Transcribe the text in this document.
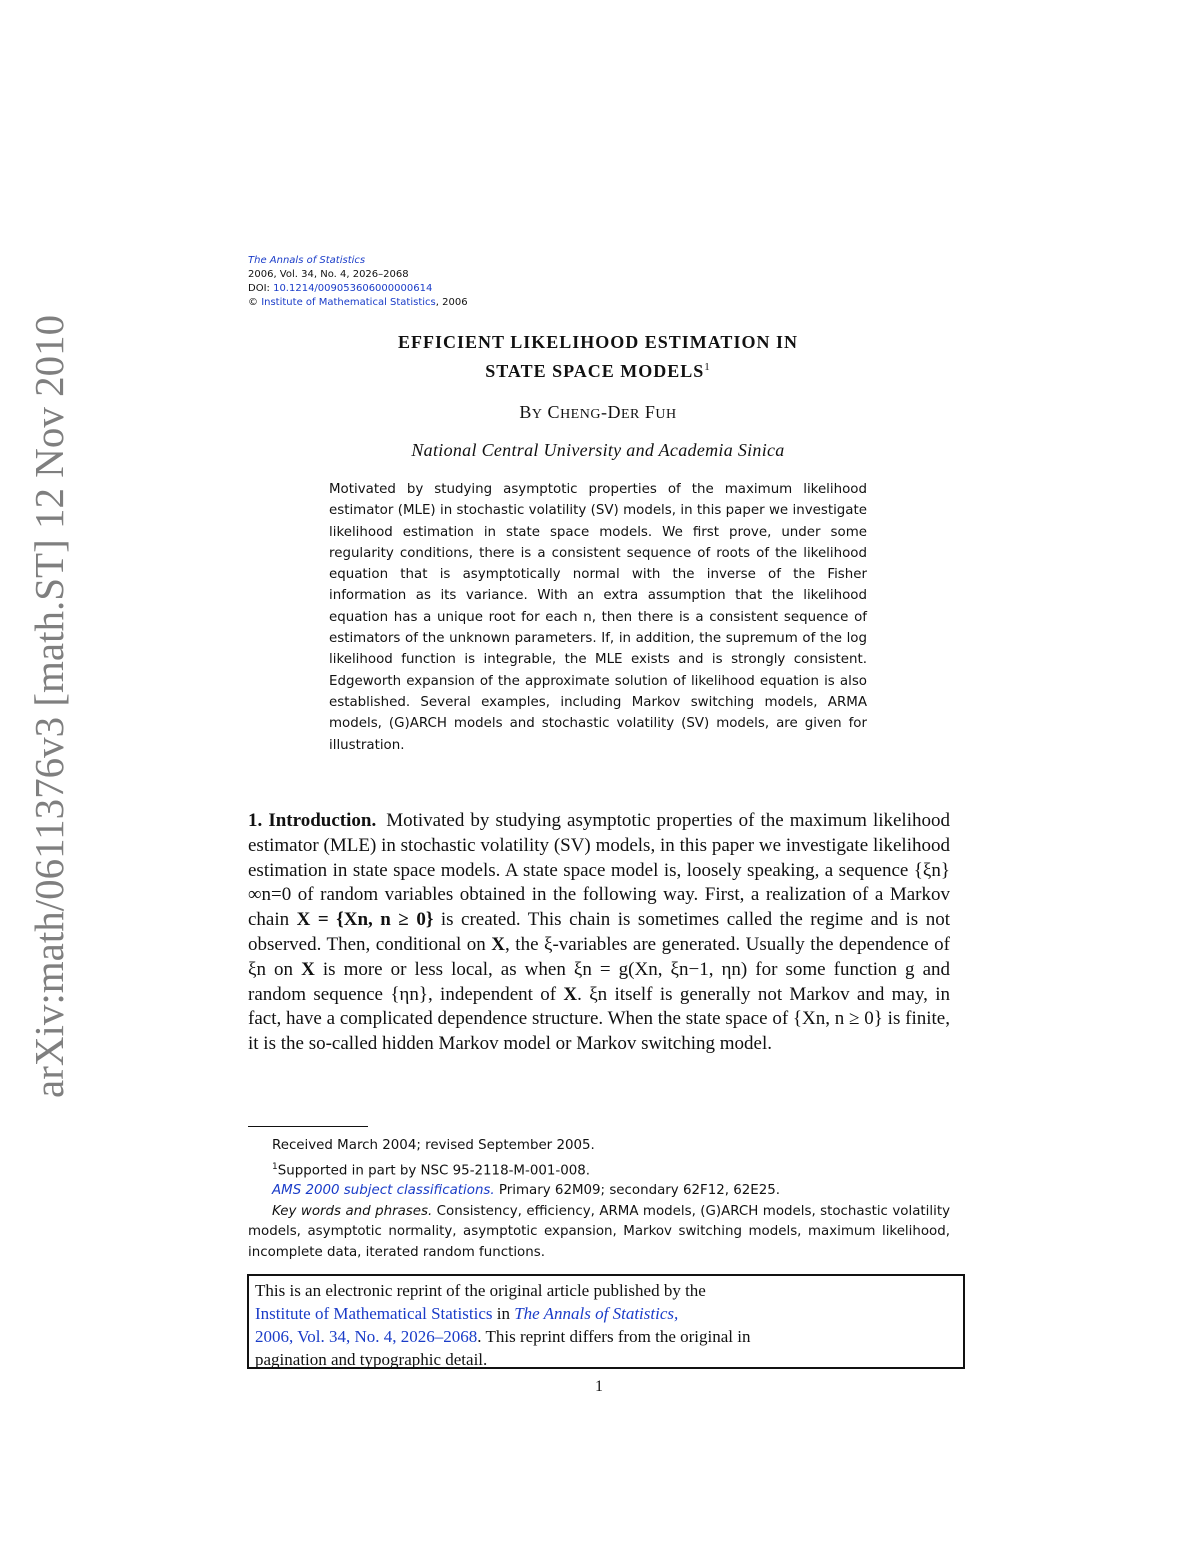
arXiv:math/0611376v3 [math.ST] 12 Nov 2010
The Annals of Statistics
2006, Vol. 34, No. 4, 2026–2068
DOI: 10.1214/009053606000000614
© Institute of Mathematical Statistics, 2006
EFFICIENT LIKELIHOOD ESTIMATION IN
STATE SPACE MODELS$^1$
BY CHENG-DER FUH
National Central University and Academia Sinica
Motivated by studying asymptotic properties of the maximum likelihood estimator (MLE) in stochastic volatility (SV) models, in this paper we investigate likelihood estimation in state space models. We first prove, under some regularity conditions, there is a consistent sequence of roots of the likelihood equation that is asymptotically normal with the inverse of the Fisher information as its variance. With an extra assumption that the likelihood equation has a unique root for each n, then there is a consistent sequence of estimators of the unknown parameters. If, in addition, the supremum of the log likelihood function is integrable, the MLE exists and is strongly consistent. Edgeworth expansion of the approximate solution of likelihood equation is also established. Several examples, including Markov switching models, ARMA models, (G)ARCH models and stochastic volatility (SV) models, are given for illustration.
1. Introduction. Motivated by studying asymptotic properties of the maximum likelihood estimator (MLE) in stochastic volatility (SV) models, in this paper we investigate likelihood estimation in state space models. A state space model is, loosely speaking, a sequence {ξn}∞n=0 of random variables obtained in the following way. First, a realization of a Markov chain X = {Xn, n ≥ 0} is created. This chain is sometimes called the regime and is not observed. Then, conditional on X, the ξ-variables are generated. Usually the dependence of ξn on X is more or less local, as when ξn = g(Xn, ξn−1, ηn) for some function g and random sequence {ηn}, independent of X. ξn itself is generally not Markov and may, in fact, have a complicated dependence structure. When the state space of {Xn, n ≥ 0} is finite, it is the so-called hidden Markov model or Markov switching model.

Received March 2004; revised September 2005.

$^1$Supported in part by NSC 95-2118-M-001-008.

AMS 2000 subject classifications. Primary 62M09; secondary 62F12, 62E25.

Key words and phrases. Consistency, efficiency, ARMA models, (G)ARCH models, stochastic volatility models, asymptotic normality, asymptotic expansion, Markov switching models, maximum likelihood, incomplete data, iterated random functions.

This is an electronic reprint of the original article published by the
Institute of Mathematical Statistics in The Annals of Statistics,
2006, Vol. 34, No. 4, 2026–2068. This reprint differs from the original in
pagination and typographic detail.
1
